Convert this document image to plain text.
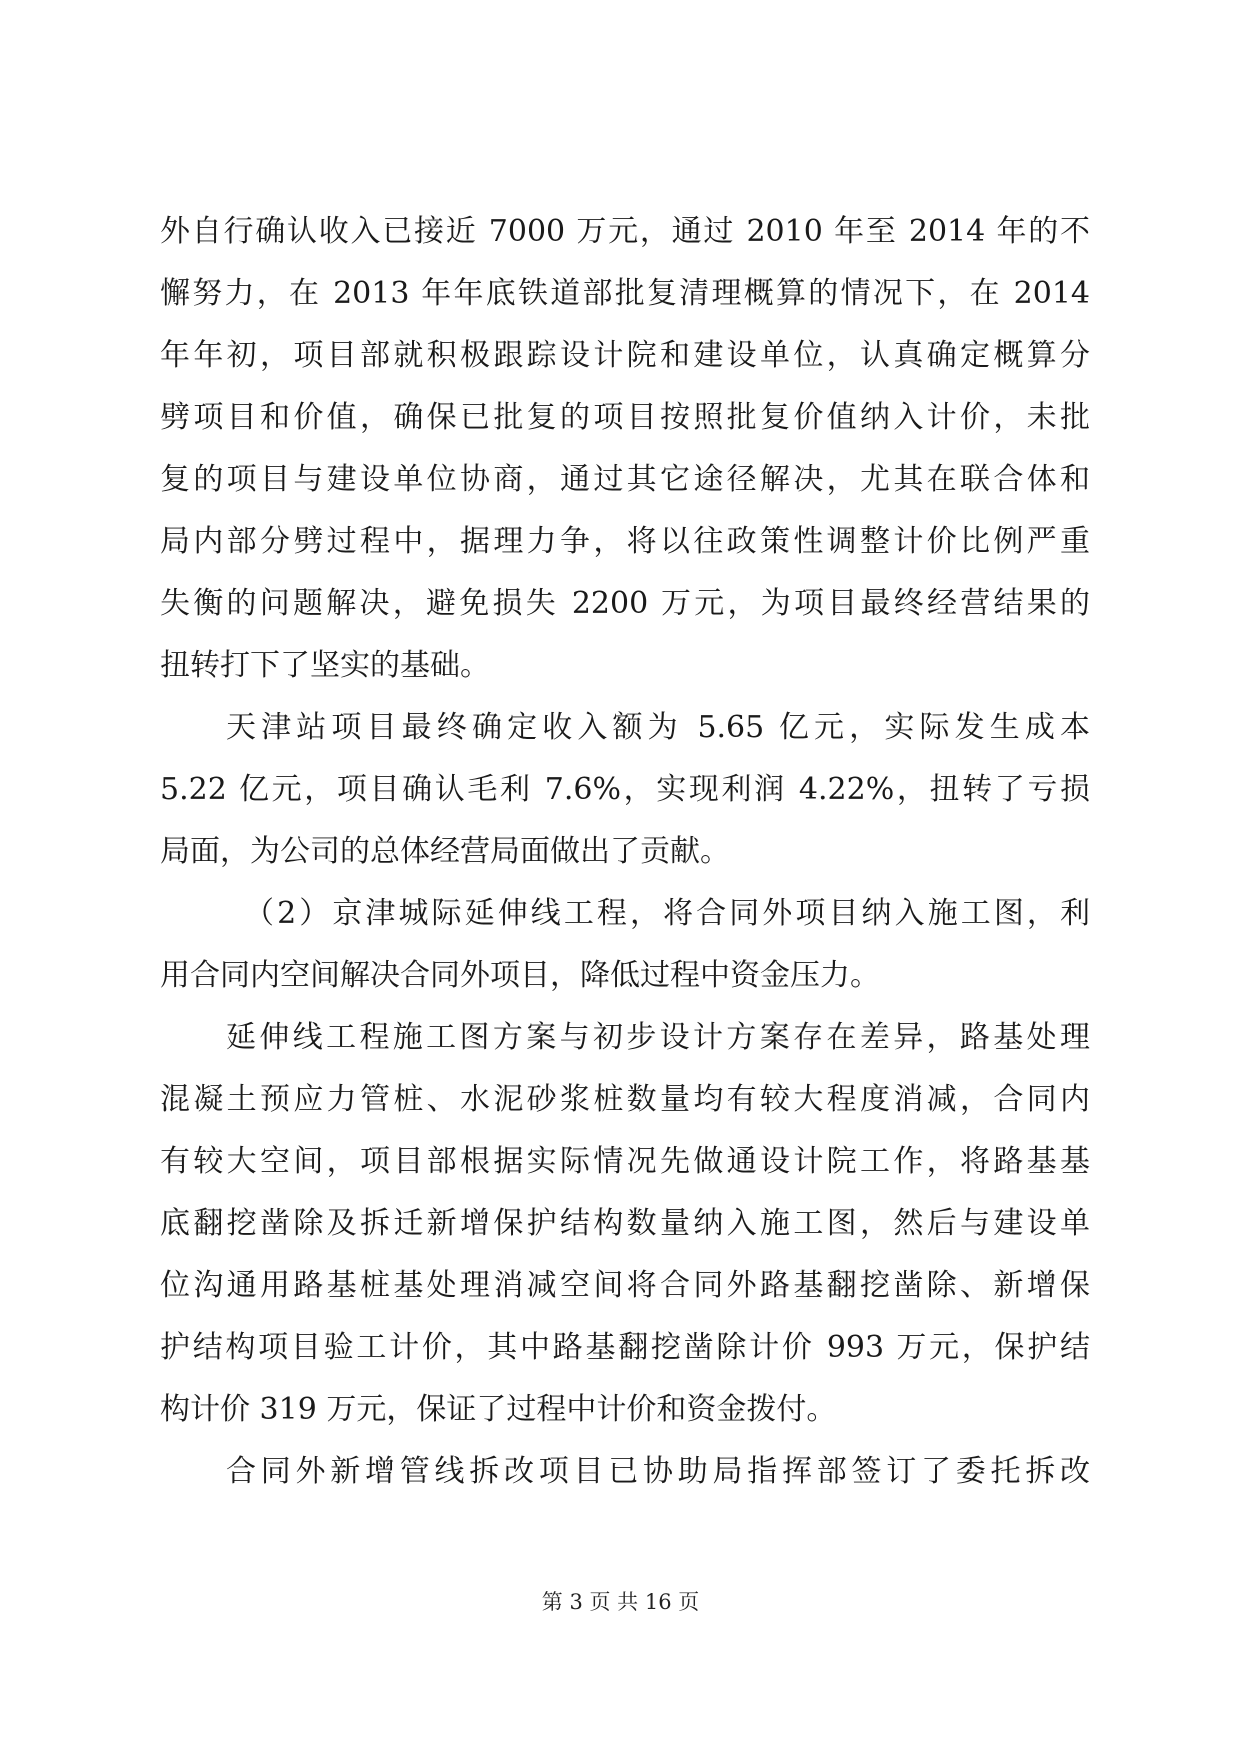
外自行确认收入已接近 7000 万元，通过 2010 年至 2014 年的不
懈努力，在 2013 年年底铁道部批复清理概算的情况下，在 2014
年年初，项目部就积极跟踪设计院和建设单位，认真确定概算分
劈项目和价值，确保已批复的项目按照批复价值纳入计价，未批
复的项目与建设单位协商，通过其它途径解决，尤其在联合体和
局内部分劈过程中，据理力争，将以往政策性调整计价比例严重
失衡的问题解决，避免损失 2200 万元，为项目最终经营结果的
扭转打下了坚实的基础。

天津站项目最终确定收入额为 5.65 亿元，实际发生成本
5.22 亿元，项目确认毛利 7.6%，实现利润 4.22%，扭转了亏损
局面，为公司的总体经营局面做出了贡献。

（2）京津城际延伸线工程，将合同外项目纳入施工图，利
用合同内空间解决合同外项目，降低过程中资金压力。

延伸线工程施工图方案与初步设计方案存在差异，路基处理
混凝土预应力管桩、水泥砂浆桩数量均有较大程度消减，合同内
有较大空间，项目部根据实际情况先做通设计院工作，将路基基
底翻挖凿除及拆迁新增保护结构数量纳入施工图，然后与建设单
位沟通用路基桩基处理消减空间将合同外路基翻挖凿除、新增保
护结构项目验工计价，其中路基翻挖凿除计价 993 万元，保护结
构计价 319 万元，保证了过程中计价和资金拨付。

合同外新增管线拆改项目已协助局指挥部签订了委托拆改

第 3 页 共 16 页
